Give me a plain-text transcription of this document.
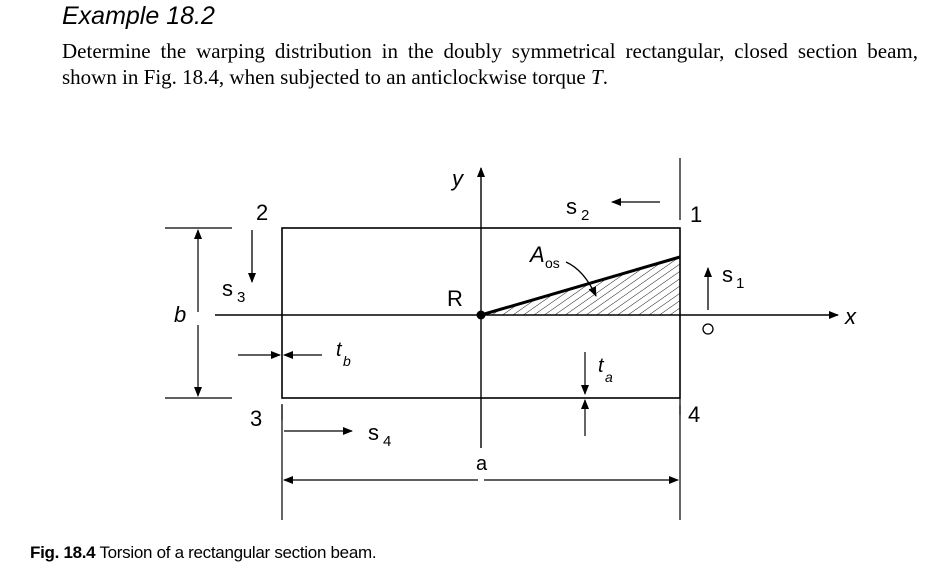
Example 18.2
Determine the warping distribution in the doubly symmetrical rectangular, closed section beam, shown in Fig. 18.4, when subjected to an anticlockwise torque T.
y
x
R
1
2
3	4
s 1
s 2
s 3
s 4
A os
a
b
t b	t a
Fig. 18.4 Torsion of a rectangular section beam.
